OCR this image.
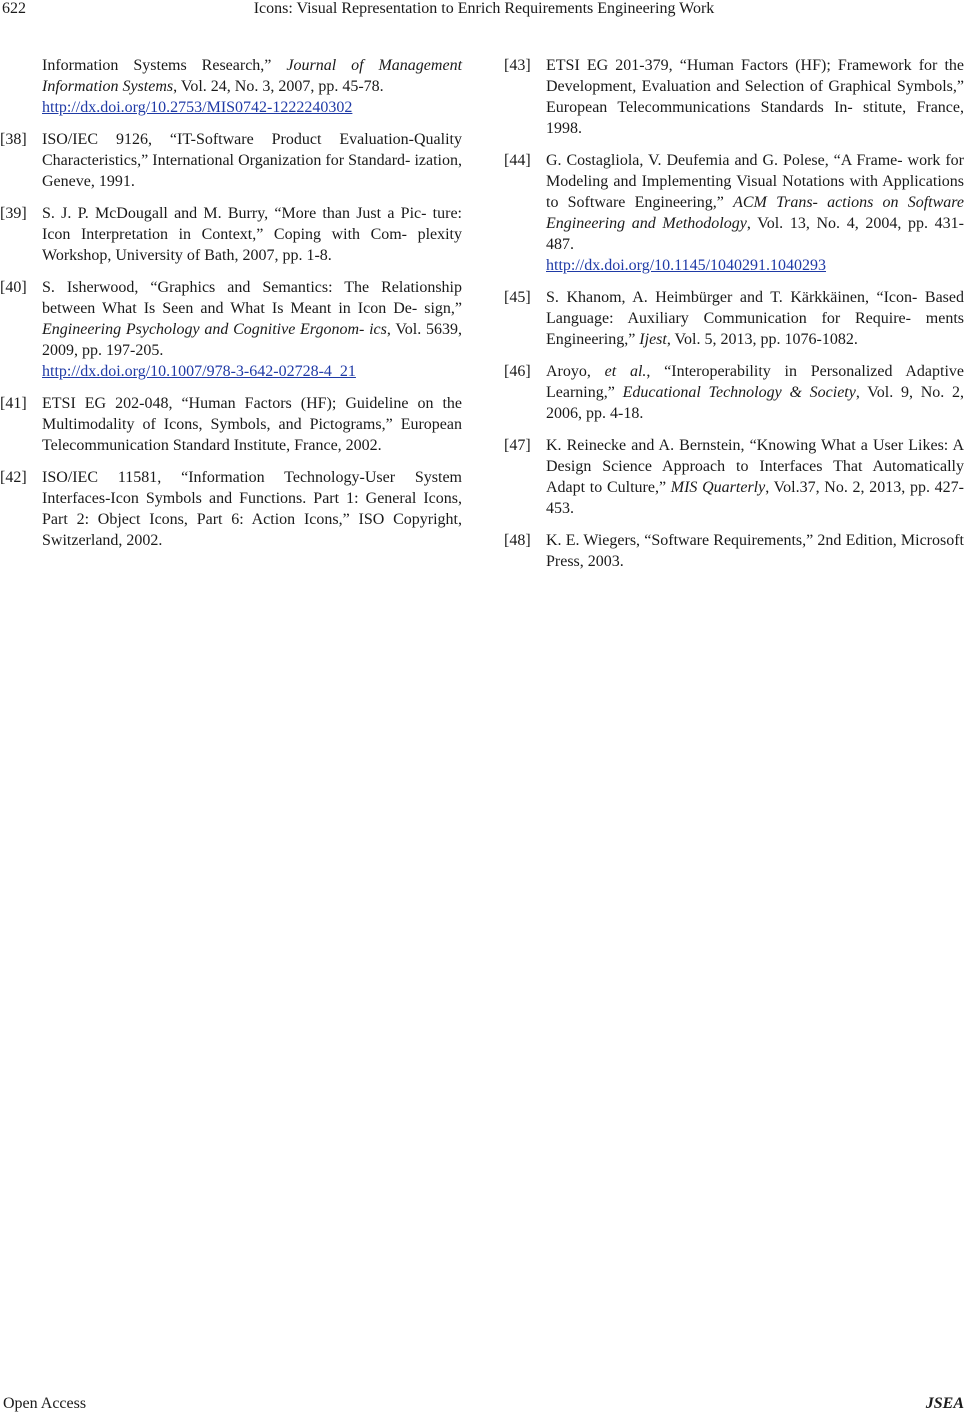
622	Icons: Visual Representation to Enrich Requirements Engineering Work
Information Systems Research,” Journal of Management Information Systems, Vol. 24, No. 3, 2007, pp. 45-78.
http://dx.doi.org/10.2753/MIS0742-1222240302
[38] ISO/IEC 9126, “IT-Software Product Evaluation-Quality Characteristics,” International Organization for Standard- ization, Geneve, 1991.
[39] S. J. P. McDougall and M. Burry, “More than Just a Pic- ture: Icon Interpretation in Context,” Coping with Com- plexity Workshop, University of Bath, 2007, pp. 1-8.
[40] S. Isherwood, “Graphics and Semantics: The Relationship between What Is Seen and What Is Meant in Icon De- sign,” Engineering Psychology and Cognitive Ergonom- ics, Vol. 5639, 2009, pp. 197-205.
http://dx.doi.org/10.1007/978-3-642-02728-4_21
[41] ETSI EG 202-048, “Human Factors (HF); Guideline on the Multimodality of Icons, Symbols, and Pictograms,” European Telecommunication Standard Institute, France, 2002.
[42] ISO/IEC 11581, “Information Technology-User System Interfaces-Icon Symbols and Functions. Part 1: General Icons, Part 2: Object Icons, Part 6: Action Icons,” ISO Copyright, Switzerland, 2002.
[43] ETSI EG 201-379, “Human Factors (HF); Framework for the Development, Evaluation and Selection of Graphical Symbols,” European Telecommunications Standards In- stitute, France, 1998.
[44] G. Costagliola, V. Deufemia and G. Polese, “A Frame- work for Modeling and Implementing Visual Notations with Applications to Software Engineering,” ACM Trans- actions on Software Engineering and Methodology, Vol. 13, No. 4, 2004, pp. 431-487.
http://dx.doi.org/10.1145/1040291.1040293
[45] S. Khanom, A. Heimbürger and T. Kärkkäinen, “Icon- Based Language: Auxiliary Communication for Require- ments Engineering,” Ijest, Vol. 5, 2013, pp. 1076-1082.
[46] Aroyo, et al., “Interoperability in Personalized Adaptive Learning,” Educational Technology & Society, Vol. 9, No. 2, 2006, pp. 4-18.
[47] K. Reinecke and A. Bernstein, “Knowing What a User Likes: A Design Science Approach to Interfaces That Automatically Adapt to Culture,” MIS Quarterly, Vol.37, No. 2, 2013, pp. 427-453.
[48] K. E. Wiegers, “Software Requirements,” 2nd Edition, Microsoft Press, 2003.
Open Access	JSEA
